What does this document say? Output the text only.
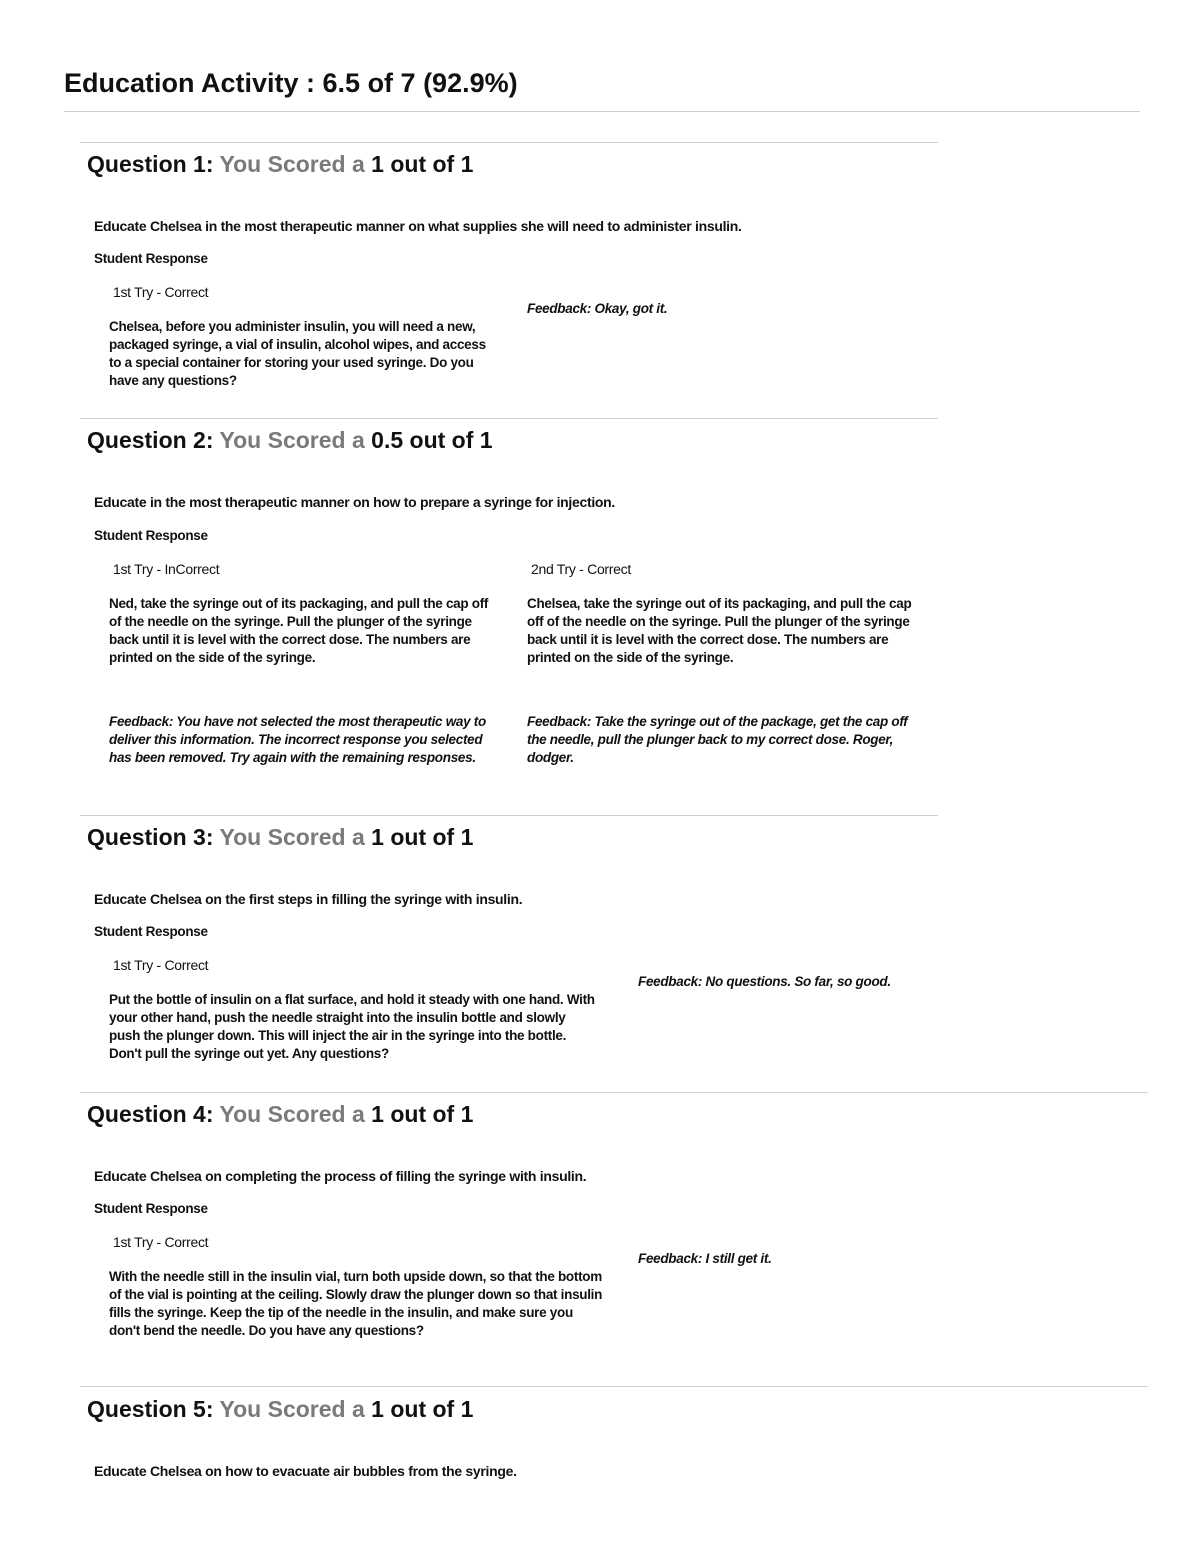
Education Activity : 6.5 of 7 (92.9%)
Question 1: You Scored a 1 out of 1
Educate Chelsea in the most therapeutic manner on what supplies she will need to administer insulin.
Student Response
1st Try - Correct
Chelsea, before you administer insulin, you will need a new, packaged syringe, a vial of insulin, alcohol wipes, and access to a special container for storing your used syringe. Do you have any questions?
Feedback: Okay, got it.
Question 2: You Scored a 0.5 out of 1
Educate in the most therapeutic manner on how to prepare a syringe for injection.
Student Response
1st Try - InCorrect
Ned, take the syringe out of its packaging, and pull the cap off of the needle on the syringe. Pull the plunger of the syringe back until it is level with the correct dose. The numbers are printed on the side of the syringe.
Feedback: You have not selected the most therapeutic way to deliver this information. The incorrect response you selected has been removed. Try again with the remaining responses.
2nd Try - Correct
Chelsea, take the syringe out of its packaging, and pull the cap off of the needle on the syringe. Pull the plunger of the syringe back until it is level with the correct dose. The numbers are printed on the side of the syringe.
Feedback: Take the syringe out of the package, get the cap off the needle, pull the plunger back to my correct dose. Roger, dodger.
Question 3: You Scored a 1 out of 1
Educate Chelsea on the first steps in filling the syringe with insulin.
Student Response
1st Try - Correct
Put the bottle of insulin on a flat surface, and hold it steady with one hand. With your other hand, push the needle straight into the insulin bottle and slowly push the plunger down. This will inject the air in the syringe into the bottle. Don't pull the syringe out yet. Any questions?
Feedback: No questions. So far, so good.
Question 4: You Scored a 1 out of 1
Educate Chelsea on completing the process of filling the syringe with insulin.
Student Response
1st Try - Correct
With the needle still in the insulin vial, turn both upside down, so that the bottom of the vial is pointing at the ceiling. Slowly draw the plunger down so that insulin fills the syringe. Keep the tip of the needle in the insulin, and make sure you don't bend the needle. Do you have any questions?
Feedback: I still get it.
Question 5: You Scored a 1 out of 1
Educate Chelsea on how to evacuate air bubbles from the syringe.
